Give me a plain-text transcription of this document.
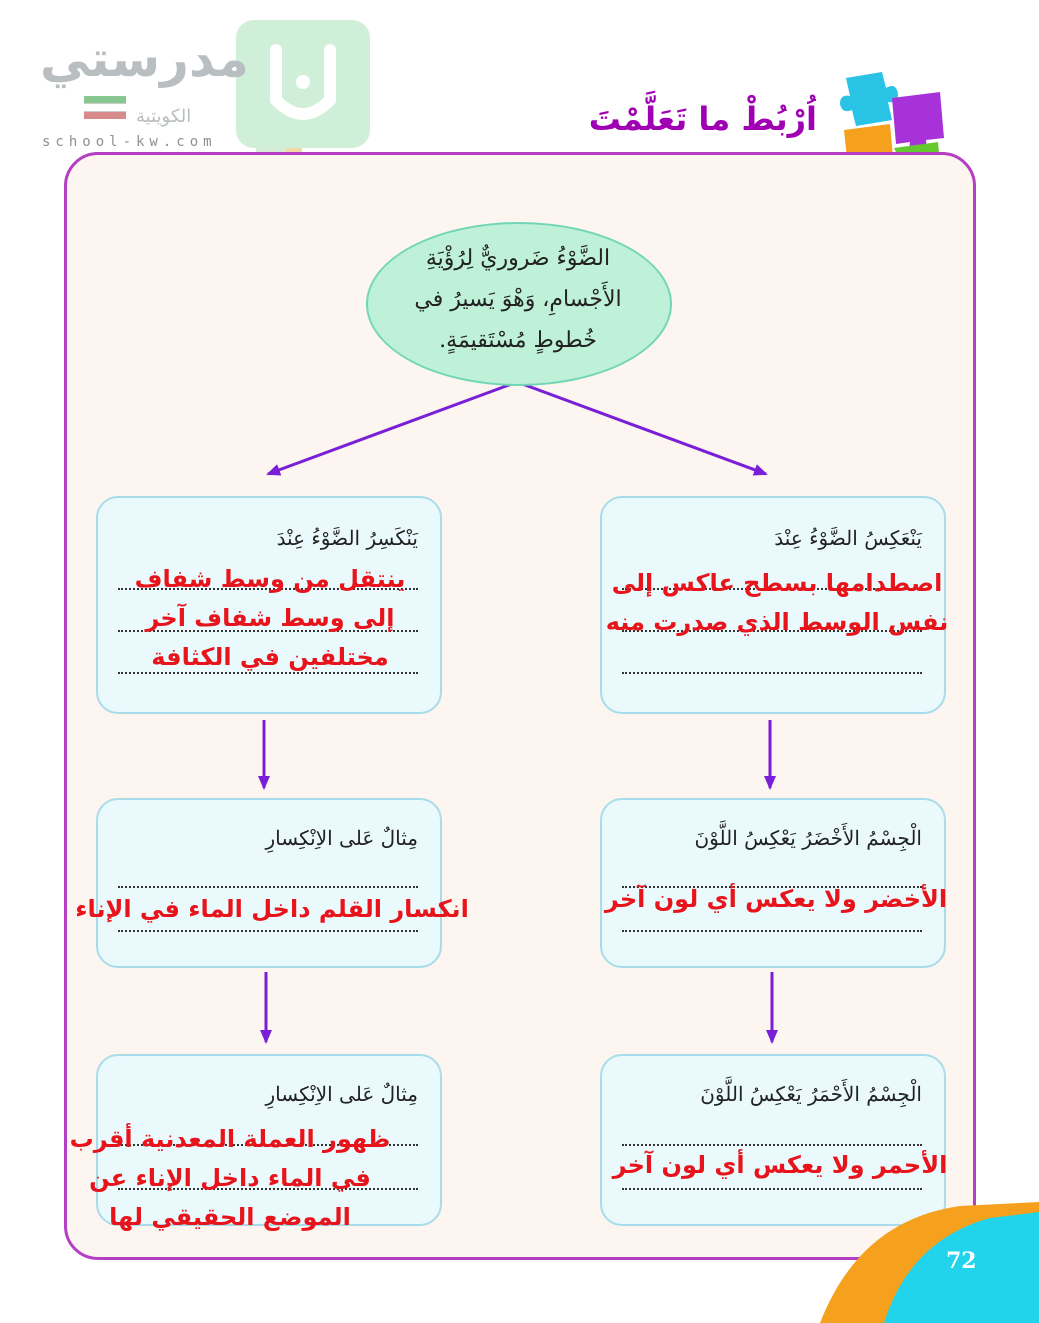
مدرستي
الكويتية
school-kw.com
اُرْبُطْ ما تَعَلَّمْتَ
الضَّوْءُ ضَروريٌّ لِرُؤْيَةِ الأَجْسامِ، وَهْوَ يَسيرُ في خُطوطٍ مُسْتَقيمَةٍ.
يَنْكَسِرُ الضَّوْءُ عِنْدَ
ينتقل من وسط شفاف
إلى وسط شفاف آخر
مختلفين في الكثافة
يَنْعَكِسُ الضَّوْءُ عِنْدَ
اصطدامها بسطح عاكس إلى
نفس الوسط الذي صدرت منه
مِثالٌ عَلى الاِنْكِسارِ
انكسار القلم داخل الماء في الإناء
الْجِسْمُ الأَخْضَرُ يَعْكِسُ اللَّوْنَ
الأخضر ولا يعكس أي لون آخر
مِثالٌ عَلى الاِنْكِسارِ
ظهور العملة المعدنية أقرب
في الماء داخل الإناء عن
الموضع الحقيقي لها
الْجِسْمُ الأَحْمَرُ يَعْكِسُ اللَّوْنَ
الأحمر ولا يعكس أي لون آخر
72
